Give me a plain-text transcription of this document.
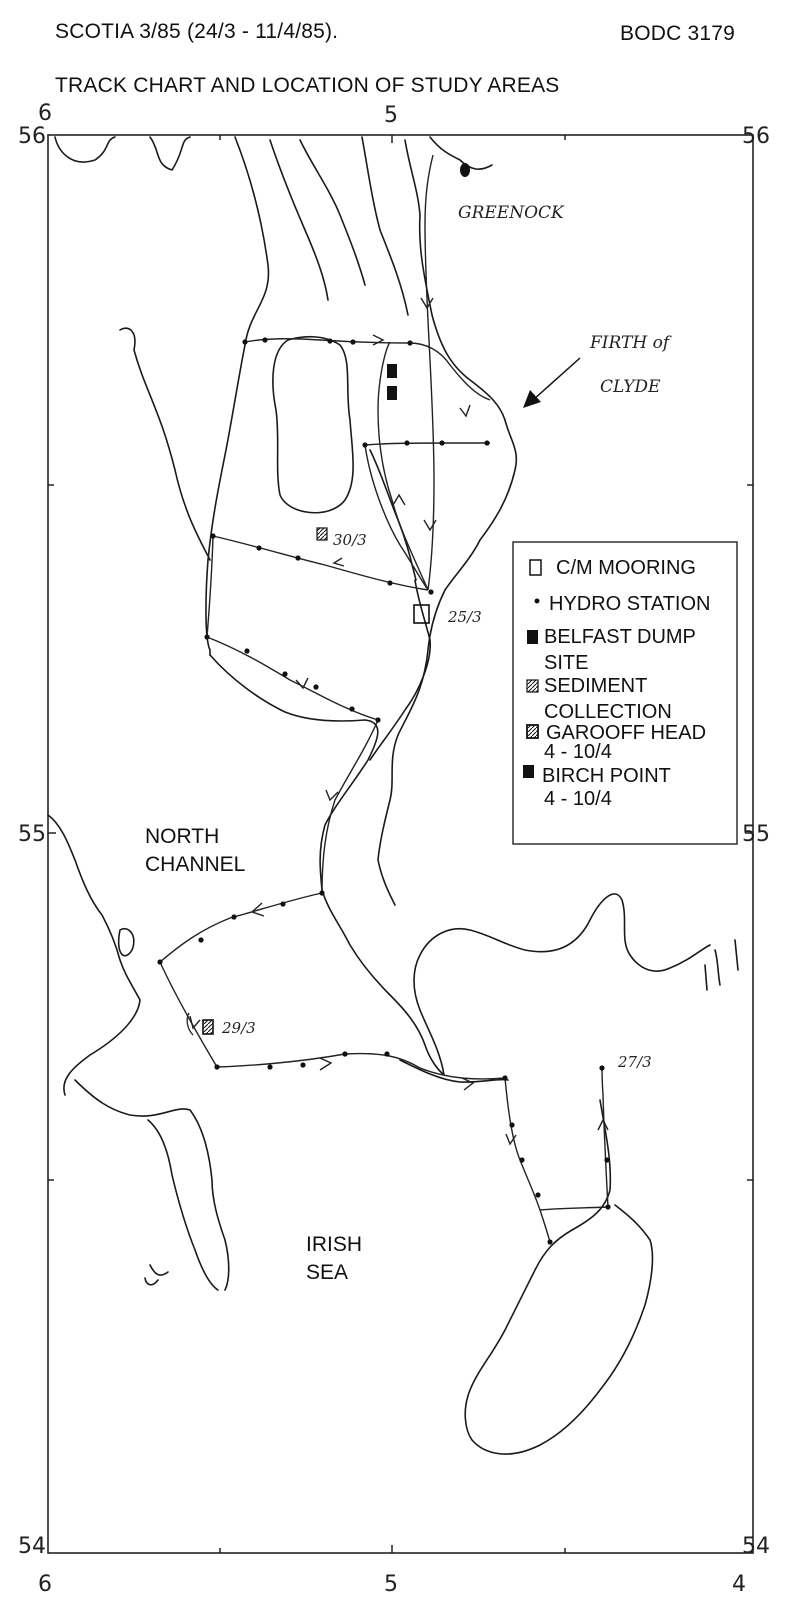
SCOTIA 3/85 (24/3 - 11/4/85).	BODC 3179
TRACK CHART AND LOCATION OF STUDY AREAS
6	5
6	5	4
56
55
54
56
55
54
GREENOCK
FIRTH of
CLYDE
30/3
25/3
29/3
27/3
NORTH
CHANNEL
IRISH
SEA
C/M MOORING
HYDRO STATION
BELFAST DUMP
SITE
SEDIMENT
COLLECTION
GAROOFF HEAD
4 - 10/4
BIRCH POINT
4 - 10/4
